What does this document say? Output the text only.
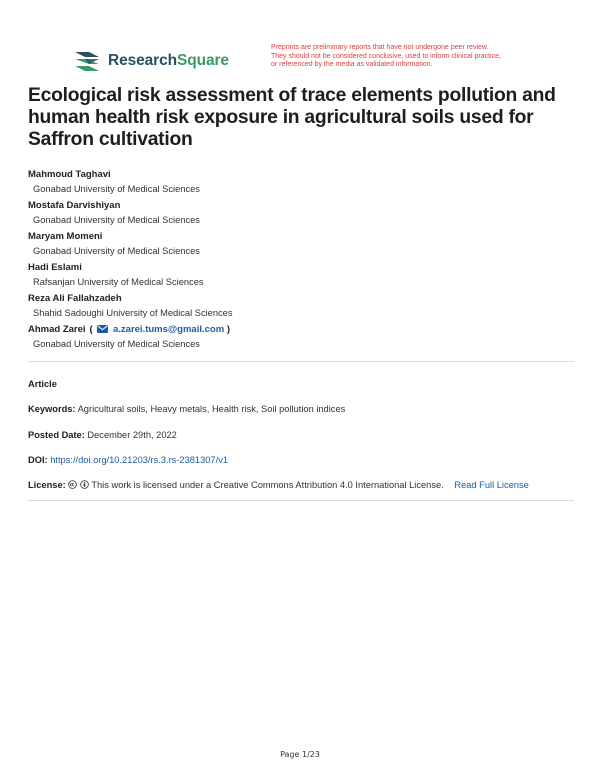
ResearchSquare
Preprints are preliminary reports that have not undergone peer review.
They should not be considered conclusive, used to inform clinical practice,
or referenced by the media as validated information.
Ecological risk assessment of trace elements pollution and
human health risk exposure in agricultural soils used for
Saffron cultivation
Mahmoud Taghavi
Gonabad University of Medical Sciences
Mostafa Darvishiyan
Gonabad University of Medical Sciences
Maryam Momeni
Gonabad University of Medical Sciences
Hadi Eslami
Rafsanjan University of Medical Sciences
Reza Ali Fallahzadeh
Shahid Sadoughi University of Medical Sciences
Ahmad Zarei ( a.zarei.tums@gmail.com )
Gonabad University of Medical Sciences
Article
Keywords: Agricultural soils, Heavy metals, Health risk, Soil pollution indices
Posted Date: December 29th, 2022
DOI: https://doi.org/10.21203/rs.3.rs-2381307/v1
License:	This work is licensed under a Creative Commons Attribution 4.0 International License. Read Full License
Page 1/23
